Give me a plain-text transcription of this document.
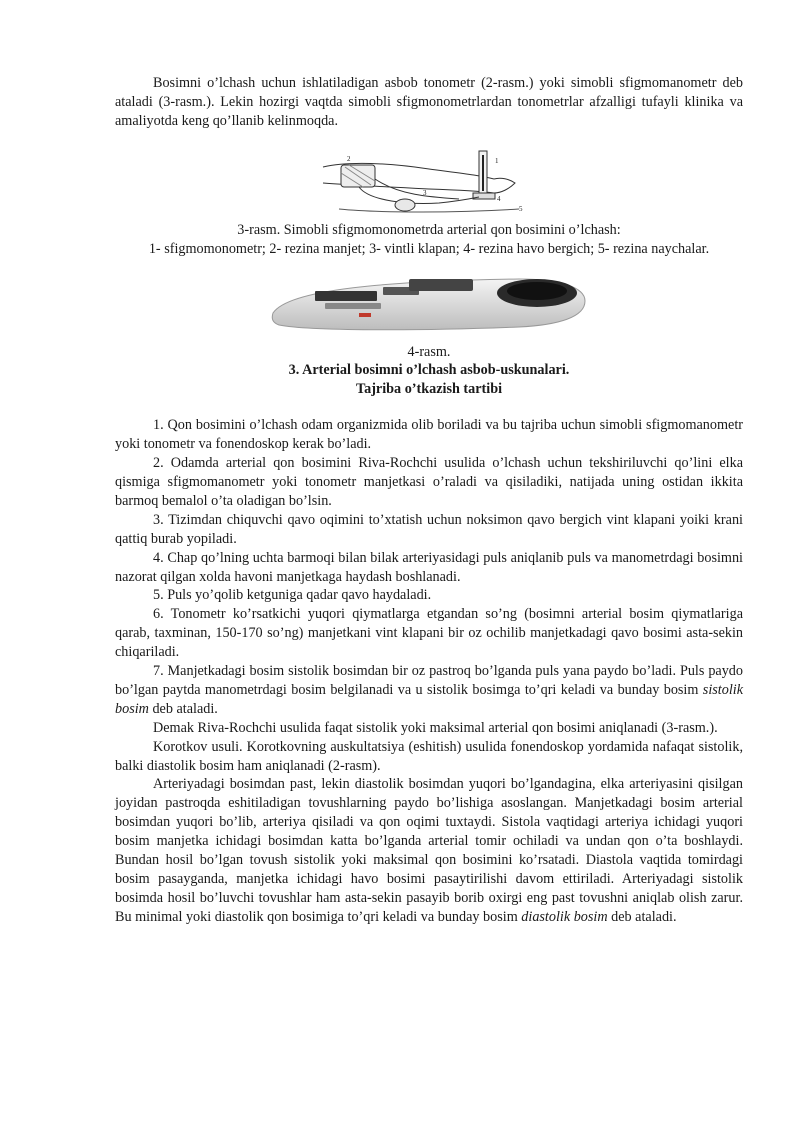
Bosimni o’lchash uchun ishlatiladigan asbob tonometr (2-rasm.) yoki simobli sfigmomanometr deb ataladi (3-rasm.). Lekin hozirgi vaqtda simobli sfigmonometrlardan tonometrlar afzalligi tufayli klinika va amaliyotda keng qo’llanib kelinmoqda.

2	1
3
4
5

3-rasm. Simobli sfigmomonometrda arterial qon bosimini o’lchash:

1- sfigmomonometr; 2- rezina manjet; 3- vintli klapan; 4- rezina havo bergich; 5- rezina naychalar.

4-rasm.

3. Arterial bosimni o’lchash asbob-uskunalari.

Tajriba o’tkazish tartibi

1. Qon bosimini o’lchash odam organizmida olib boriladi va bu tajriba uchun simobli sfigmomanometr yoki tonometr va fonendoskop kerak bo’ladi.

2. Odamda arterial qon bosimini Riva-Rochchi usulida o’lchash uchun tekshiriluvchi qo’lini elka qismiga sfigmomanometr yoki tonometr manjetkasi o’raladi va qisiladiki, natijada uning ostidan ikkita barmoq bemalol o’ta oladigan bo’lsin.

3. Tizimdan chiquvchi qavo oqimini to’xtatish uchun noksimon qavo bergich vint klapani yoiki krani qattiq burab yopiladi.

4. Chap qo’lning uchta barmoqi bilan bilak arteriyasidagi puls aniqlanib puls va manometrdagi bosimni nazorat qilgan xolda havoni manjetkaga haydash boshlanadi.

5. Puls yo’qolib ketguniga qadar qavo haydaladi.

6. Tonometr ko’rsatkichi yuqori qiymatlarga etgandan so’ng (bosimni arterial bosim qiymatlariga qarab, taxminan, 150-170 so’ng) manjetkani vint klapani bir oz ochilib manjetkadagi qavo bosimi asta-sekin chiqariladi.

7. Manjetkadagi bosim sistolik bosimdan bir oz pastroq bo’lganda puls yana paydo bo’ladi. Puls paydo bo’lgan paytda manometrdagi bosim belgilanadi va u sistolik bosimga to’qri keladi va bunday bosim sistolik bosim deb ataladi.

Demak Riva-Rochchi usulida faqat sistolik yoki maksimal arterial qon bosimi aniqlanadi (3-rasm.).

Korotkov usuli. Korotkovning auskultatsiya (eshitish) usulida fonendoskop yordamida nafaqat sistolik, balki diastolik bosim ham aniqlanadi (2-rasm).

Arteriyadagi bosimdan past, lekin diastolik bosimdan yuqori bo’lgandagina, elka arteriyasini qisilgan joyidan pastroqda eshitiladigan tovushlarning paydo bo’lishiga asoslangan. Manjetkadagi bosim arterial bosimdan yuqori bo’lib, arteriya qisiladi va qon oqimi tuxtaydi. Sistola vaqtidagi arteriya ichidagi yuqori bosim manjetka ichidagi bosimdan katta bo’lganda arterial tomir ochiladi va undan qon o’ta boshlaydi. Bundan hosil bo’lgan tovush sistolik yoki maksimal qon bosimini ko’rsatadi. Diastola vaqtida tomirdagi bosim pasayganda, manjetka ichidagi havo bosimi pasaytirilishi davom ettiriladi. Arteriyadagi sistolik bosimda hosil bo’luvchi tovushlar ham asta-sekin pasayib borib oxirgi eng past tovushni aniqlab olish zarur. Bu minimal yoki diastolik qon bosimiga to’qri keladi va bunday bosim diastolik bosim deb ataladi.
